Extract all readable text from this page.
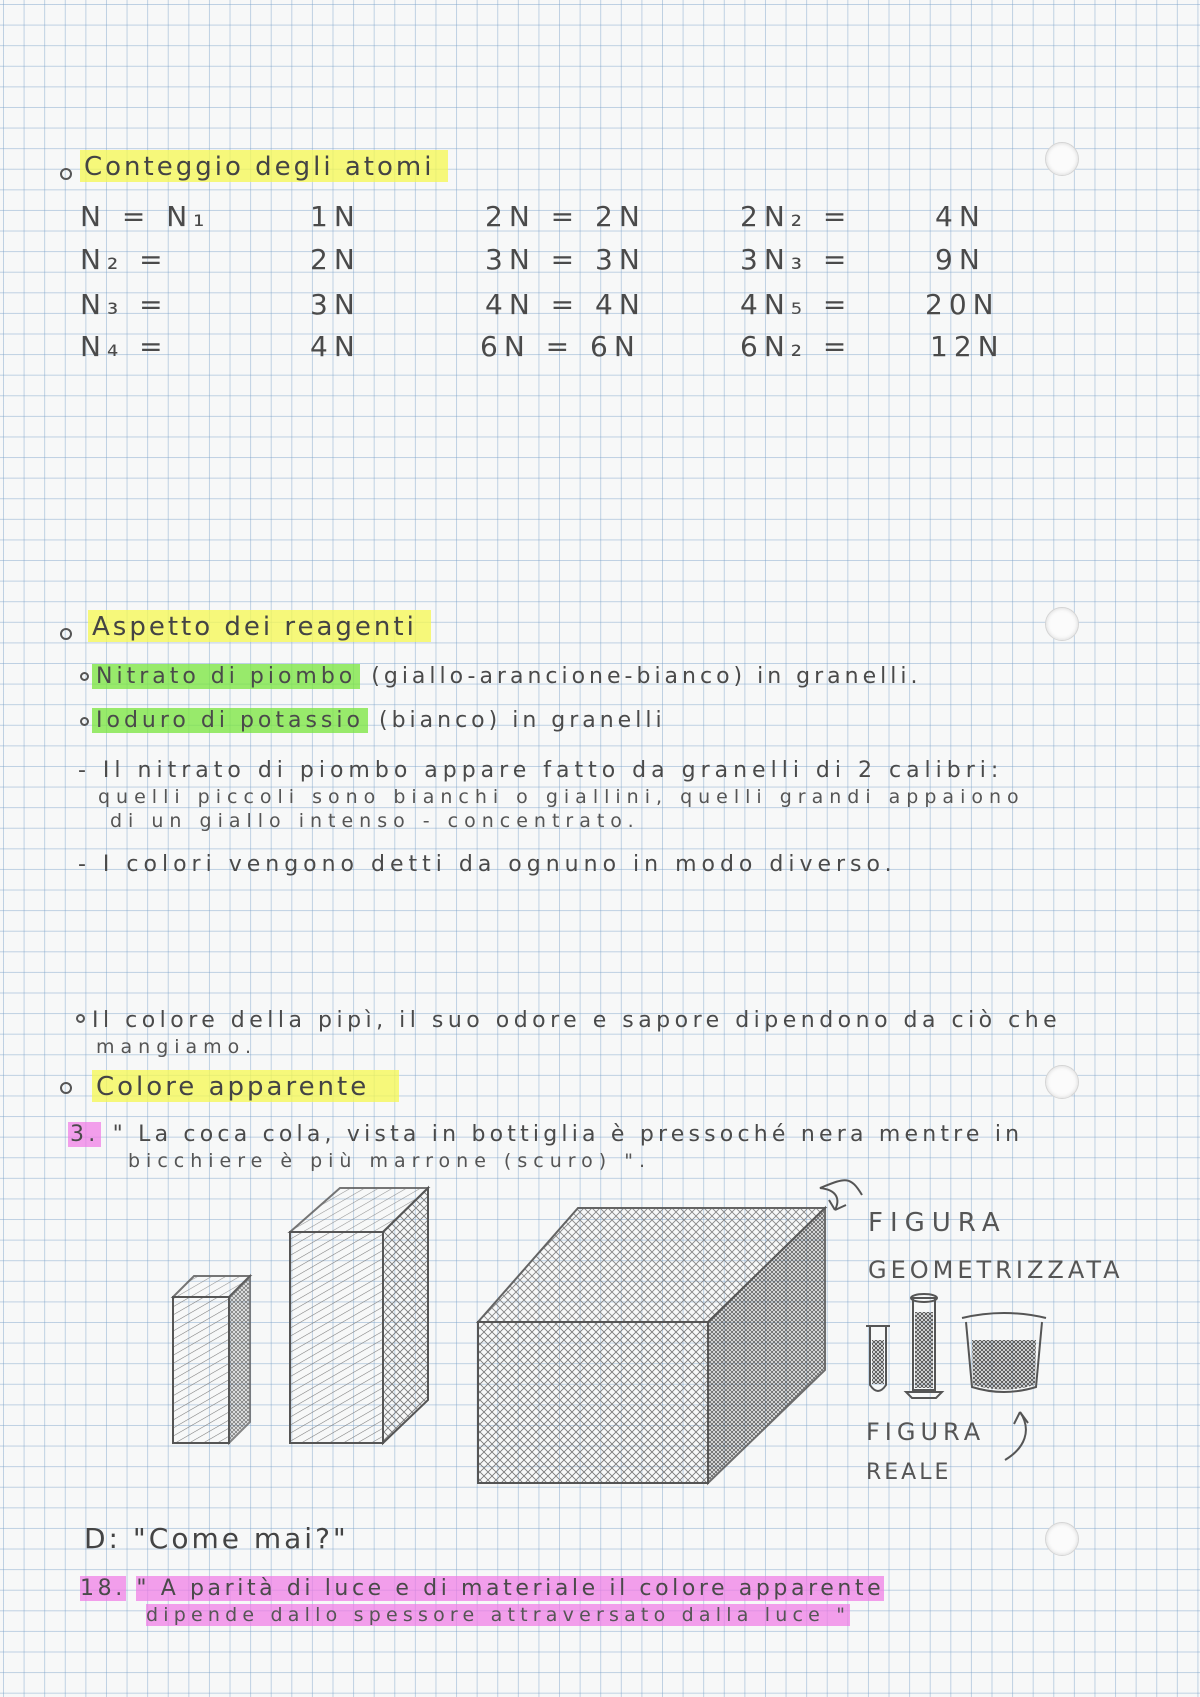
Conteggio degli atomi
N = N₁	1N	2N = 2N	2N₂ =	4N
N₂ =	2N	3N = 3N	3N₃ =	9N
N₃ =	3N	4N = 4N	4N₅ =	20N
N₄ =	4N	6N = 6N	6N₂ =	12N
Aspetto dei reagenti
Nitrato di piombo (giallo-arancione-bianco) in granelli.
Ioduro di potassio (bianco) in granelli
- Il nitrato di piombo appare fatto da granelli di 2 calibri:
quelli piccoli sono bianchi o giallini, quelli grandi appaiono
di un giallo intenso - concentrato.
- I colori vengono detti da ognuno in modo diverso.
Il colore della pipì, il suo odore e sapore dipendono da ciò che
mangiamo.
Colore apparente
3. " La coca cola, vista in bottiglia è pressoché nera mentre in
bicchiere è più marrone (scuro) ".
FIGURA
GEOMETRIZZATA
FIGURA
REALE
D: "Come mai?"
18. " A parità di luce e di materiale il colore apparente
dipende dallo spessore attraversato dalla luce "
